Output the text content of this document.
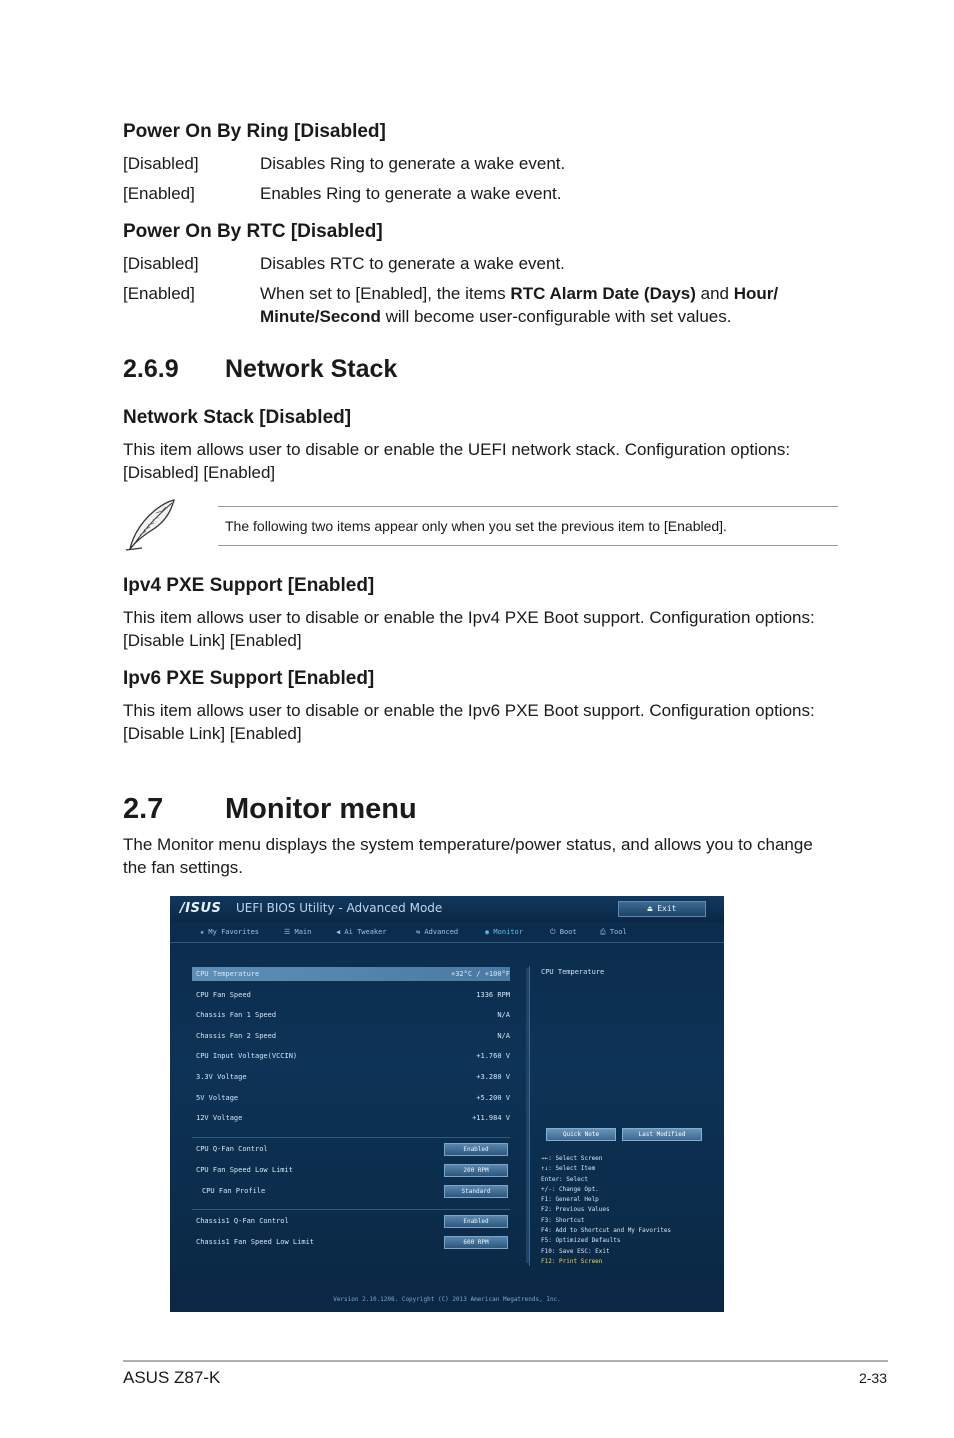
Power On By Ring [Disabled]
[Disabled]	Disables Ring to generate a wake event.
[Enabled]	Enables Ring to generate a wake event.
Power On By RTC [Disabled]
[Disabled]	Disables RTC to generate a wake event.
[Enabled]	When set to [Enabled], the items RTC Alarm Date (Days) and Hour/ Minute/Second will become user-configurable with set values.
2.6.9 Network Stack
Network Stack [Disabled]
This item allows user to disable or enable the UEFI network stack. Configuration options: [Disabled] [Enabled]
The following two items appear only when you set the previous item to [Enabled].
Ipv4 PXE Support [Enabled]
This item allows user to disable or enable the Ipv4 PXE Boot support. Configuration options: [Disable Link] [Enabled]
Ipv6 PXE Support [Enabled]
This item allows user to disable or enable the Ipv6 PXE Boot support. Configuration options: [Disable Link] [Enabled]
2.7 Monitor menu
The Monitor menu displays the system temperature/power status, and allows you to change the fan settings.
/ISUS UEFI BIOS Utility - Advanced Mode	⏏ Exit
★ My Favorites	☰ Main	◀ Ai Tweaker	⇆ Advanced	◉ Monitor	⏻ Boot	⎙ Tool
CPU Temperature	+32°C / +100°F
CPU Fan Speed	1336 RPM
Chassis Fan 1 Speed	N/A
Chassis Fan 2 Speed	N/A
CPU Input Voltage(VCCIN)	+1.760 V
3.3V Voltage	+3.280 V
5V Voltage	+5.200 V
12V Voltage	+11.984 V
CPU Q-Fan Control	Enabled
CPU Fan Speed Low Limit	200 RPM
CPU Fan Profile	Standard
Chassis1 Q-Fan Control	Enabled
Chassis1 Fan Speed Low Limit	600 RPM
CPU Temperature
Quick Note	Last Modified
→←: Select Screen
↑↓: Select Item
Enter: Select
+/-: Change Opt.
F1: General Help
F2: Previous Values
F3: Shortcut
F4: Add to Shortcut and My Favorites
F5: Optimized Defaults
F10: Save ESC: Exit
F12: Print Screen
Version 2.10.1208. Copyright (C) 2013 American Megatrends, Inc.
ASUS Z87-K	2-33
